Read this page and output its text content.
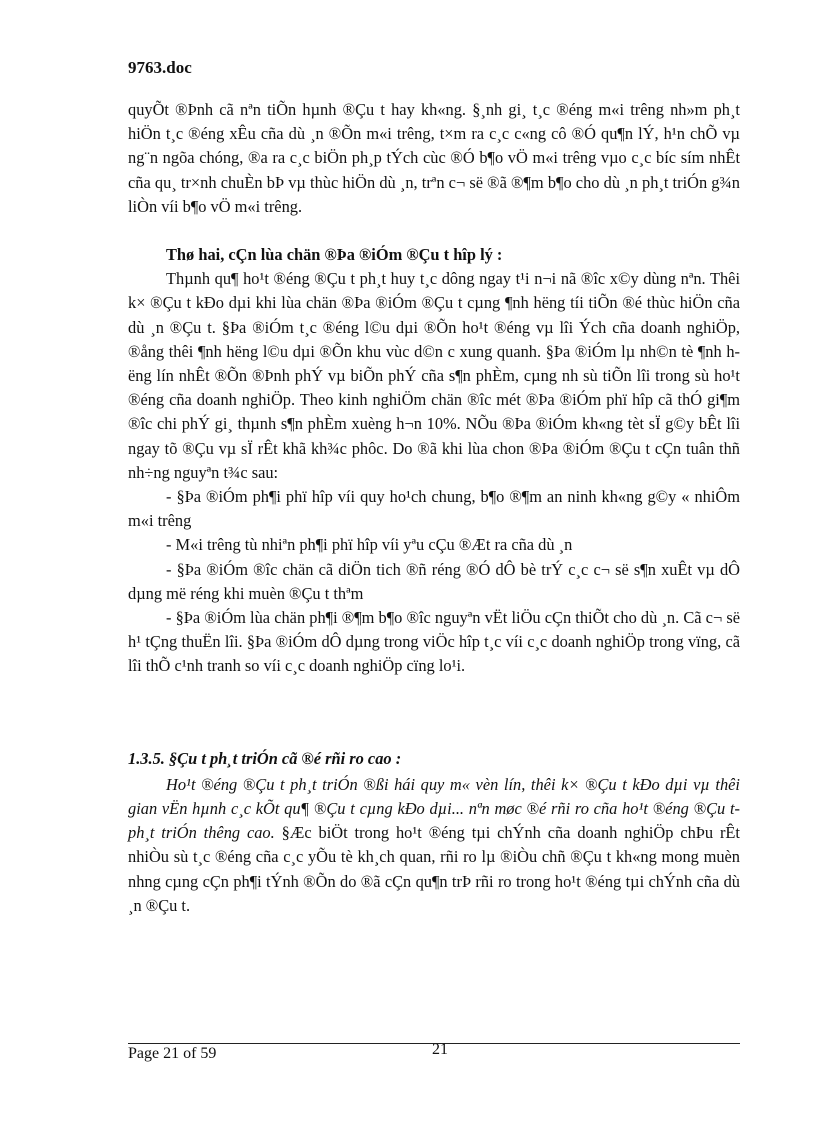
9763.doc

quyÕt ®Þnh cã nªn tiÕn hµnh ®Çu t hay kh«ng. §¸nh gi¸ t¸c ®éng m«i trêng nh»m ph¸t hiÖn t¸c ®éng xÊu cña dù ¸n ®Õn m«i trêng, t×m ra c¸c c«ng cô ®Ó qu¶n lÝ, h¹n chÕ vµ ng¨n ngõa chóng, ®a ra c¸c biÖn ph¸p tÝch cùc ®Ó b¶o vÖ m«i trêng vµo c¸c bíc sím nhÊt cña qu¸ tr×nh chuÈn bÞ vµ thùc hiÖn dù ¸n, trªn c¬ së ®ã ®¶m b¶o cho dù ¸n ph¸t triÓn g¾n liÒn víi b¶o vÖ m«i trêng.

Thø hai, cÇn lùa chän ®Þa ®iÓm ®Çu t hîp lý :

Thµnh qu¶ ho¹t ®éng ®Çu t ph¸t huy t¸c dông ngay t¹i n¬i nã ®îc x©y dùng nªn. Thêi k× ®Çu t kÐo dµi khi lùa chän ®Þa ®iÓm ®Çu t cµng ¶nh hëng tíi tiÕn ®é thùc hiÖn cña dù ¸n ®Çu t. §Þa ®iÓm t¸c ®éng l©u dµi ®Õn ho¹t ®éng vµ lîi Ých cña doanh nghiÖp, ®ång thêi ¶nh hëng l©u dµi ®Õn khu vùc d©n c xung quanh. §Þa ®iÓm lµ nh©n tè ¶nh hëng lín nhÊt ®Õn ®Þnh phÝ vµ biÕn phÝ cña s¶n phÈm, cµng nh sù tiÕn lîi trong sù ho¹t ®éng cña doanh nghiÖp. Theo kinh nghiÖm chän ®îc mét ®Þa ®iÓm phï hîp cã thÓ gi¶m ®îc chi phÝ gi¸ thµnh s¶n phÈm xuèng h¬n 10%. NÕu ®Þa ®iÓm kh«ng tèt sÏ g©y bÊt lîi ngay tõ ®Çu vµ sÏ rÊt khã kh¾c phôc. Do ®ã khi lùa chon ®Þa ®iÓm ®Çu t cÇn tuân thñ nh÷ng nguyªn t¾c sau:

- §Þa ®iÓm ph¶i phï hîp víi quy ho¹ch chung, b¶o ®¶m an ninh kh«ng g©y « nhiÔm m«i trêng

- M«i trêng tù nhiªn ph¶i phï hîp víi yªu cÇu ®Æt ra cña dù ¸n

- §Þa ®iÓm ®îc chän cã diÖn tich ®ñ réng ®Ó dÔ bè trÝ c¸c c¬ së s¶n xuÊt vµ dÔ dµng më réng khi muèn ®Çu t thªm

- §Þa ®iÓm lùa chän ph¶i ®¶m b¶o ®îc nguyªn vËt liÖu cÇn thiÕt cho dù ¸n. Cã c¬ së h¹ tÇng thuËn lîi. §Þa ®iÓm dÔ dµng trong viÖc hîp t¸c víi c¸c doanh nghiÖp trong vïng, cã lîi thÕ c¹nh tranh so víi c¸c doanh nghiÖp cïng lo¹i.

1.3.5. §Çu t ph¸t triÓn cã ®é rñi ro cao :

Ho¹t ®éng ®Çu t ph¸t triÓn ®ßi hái quy m« vèn lín, thêi k× ®Çu t kÐo dµi vµ thêi gian vËn hµnh c¸c kÕt qu¶ ®Çu t cµng kÐo dµi... nªn møc ®é rñi ro cña ho¹t ®éng ®Çu t ph¸t triÓn thêng cao. §Æc biÖt trong ho¹t ®éng tµi chÝnh cña doanh nghiÖp chÞu rÊt nhiÒu sù t¸c ®éng cña c¸c yÕu tè kh¸ch quan, rñi ro lµ ®iÒu chñ ®Çu t kh«ng mong muèn nhng cµng cÇn ph¶i tÝnh ®Õn do ®ã cÇn qu¶n trÞ rñi ro trong ho¹t ®éng tµi chÝnh cña dù ¸n ®Çu t.

Page 21 of 59	21
